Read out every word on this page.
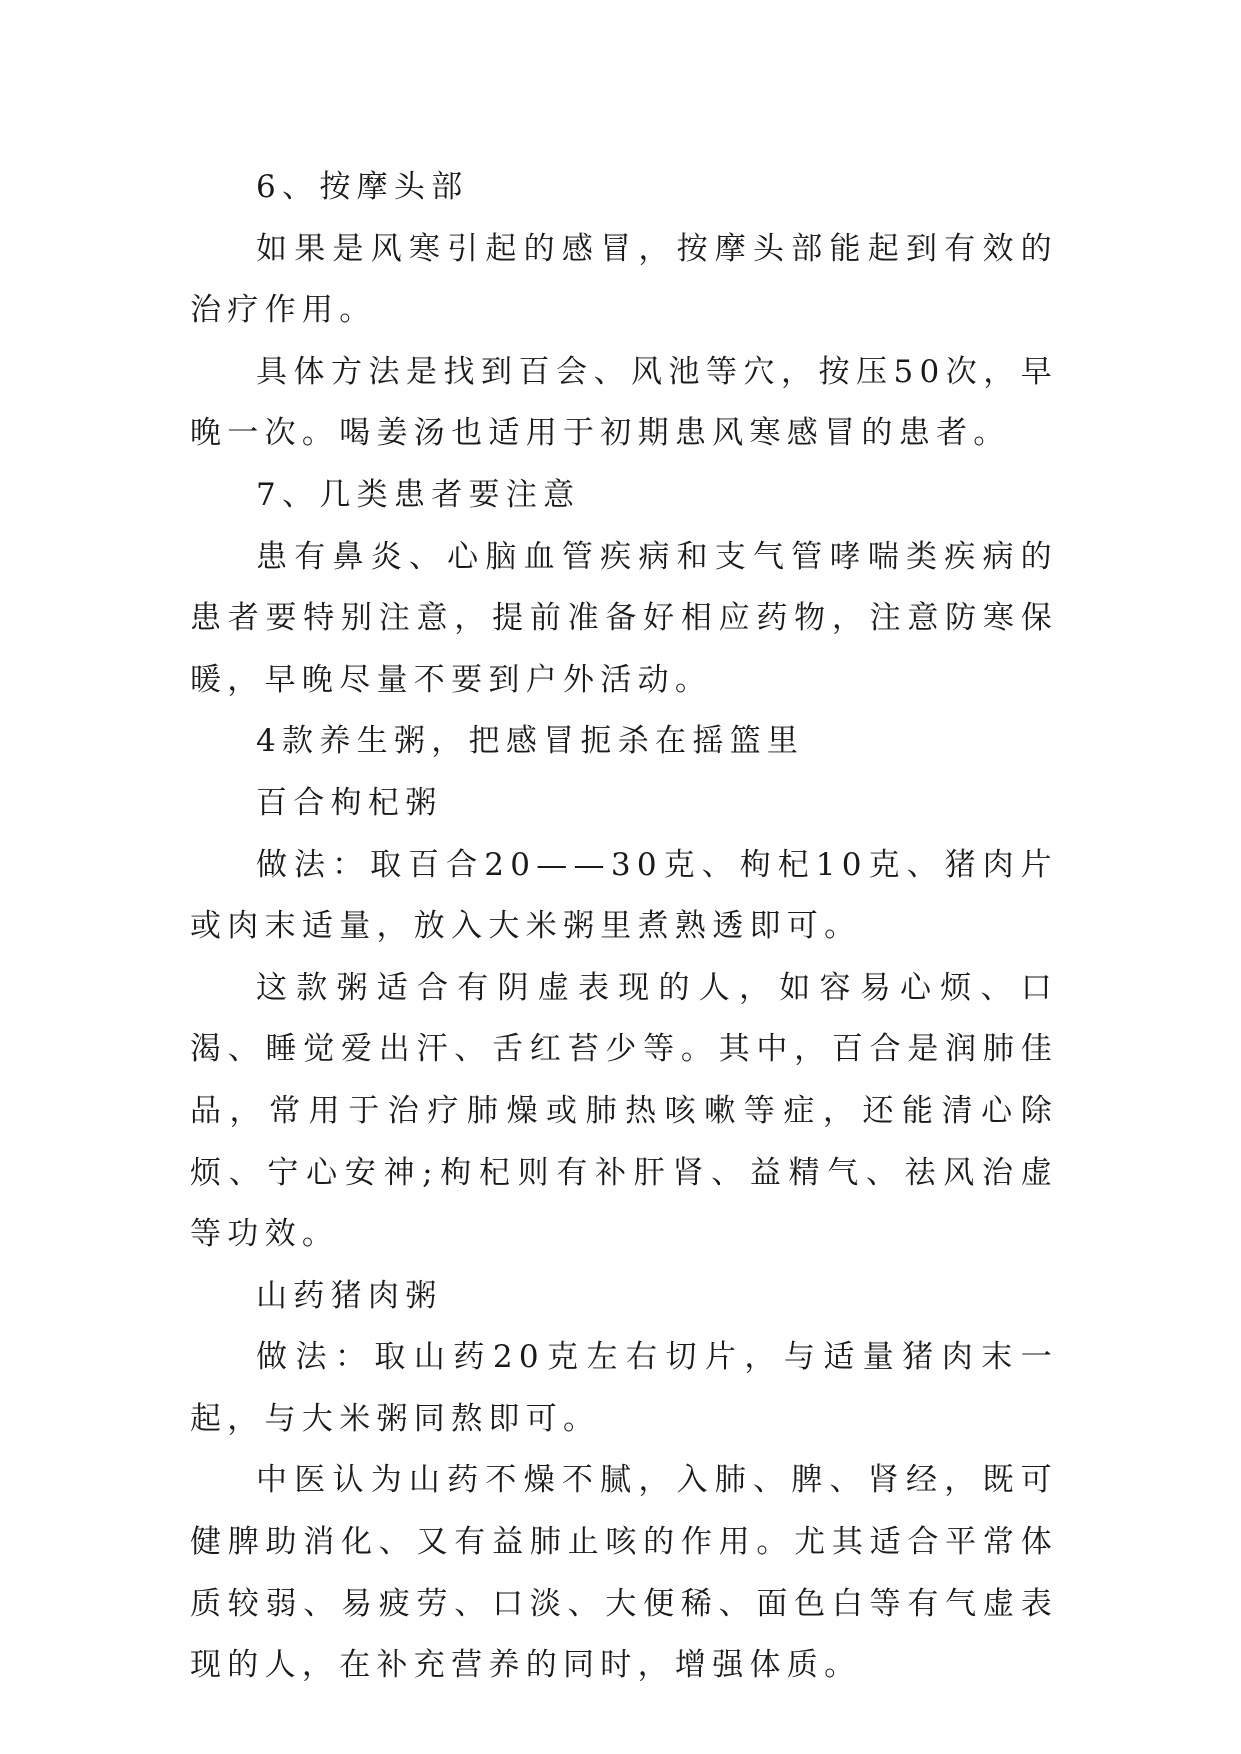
6、按摩头部

如果是风寒引起的感冒，按摩头部能起到有效的治疗作用。

具体方法是找到百会、风池等穴，按压50次，早晚一次。喝姜汤也适用于初期患风寒感冒的患者。

7、几类患者要注意

患有鼻炎、心脑血管疾病和支气管哮喘类疾病的患者要特别注意，提前准备好相应药物，注意防寒保暖，早晚尽量不要到户外活动。

4款养生粥，把感冒扼杀在摇篮里

百合枸杞粥

做法：取百合20——30克、枸杞10克、猪肉片或肉末适量，放入大米粥里煮熟透即可。

这款粥适合有阴虚表现的人，如容易心烦、口渴、睡觉爱出汗、舌红苔少等。其中，百合是润肺佳品，常用于治疗肺燥或肺热咳嗽等症，还能清心除烦、宁心安神;枸杞则有补肝肾、益精气、祛风治虚等功效。

山药猪肉粥

做法：取山药20克左右切片，与适量猪肉末一起，与大米粥同熬即可。

中医认为山药不燥不腻，入肺、脾、肾经，既可健脾助消化、又有益肺止咳的作用。尤其适合平常体质较弱、易疲劳、口淡、大便稀、面色白等有气虚表现的人，在补充营养的同时，增强体质。
